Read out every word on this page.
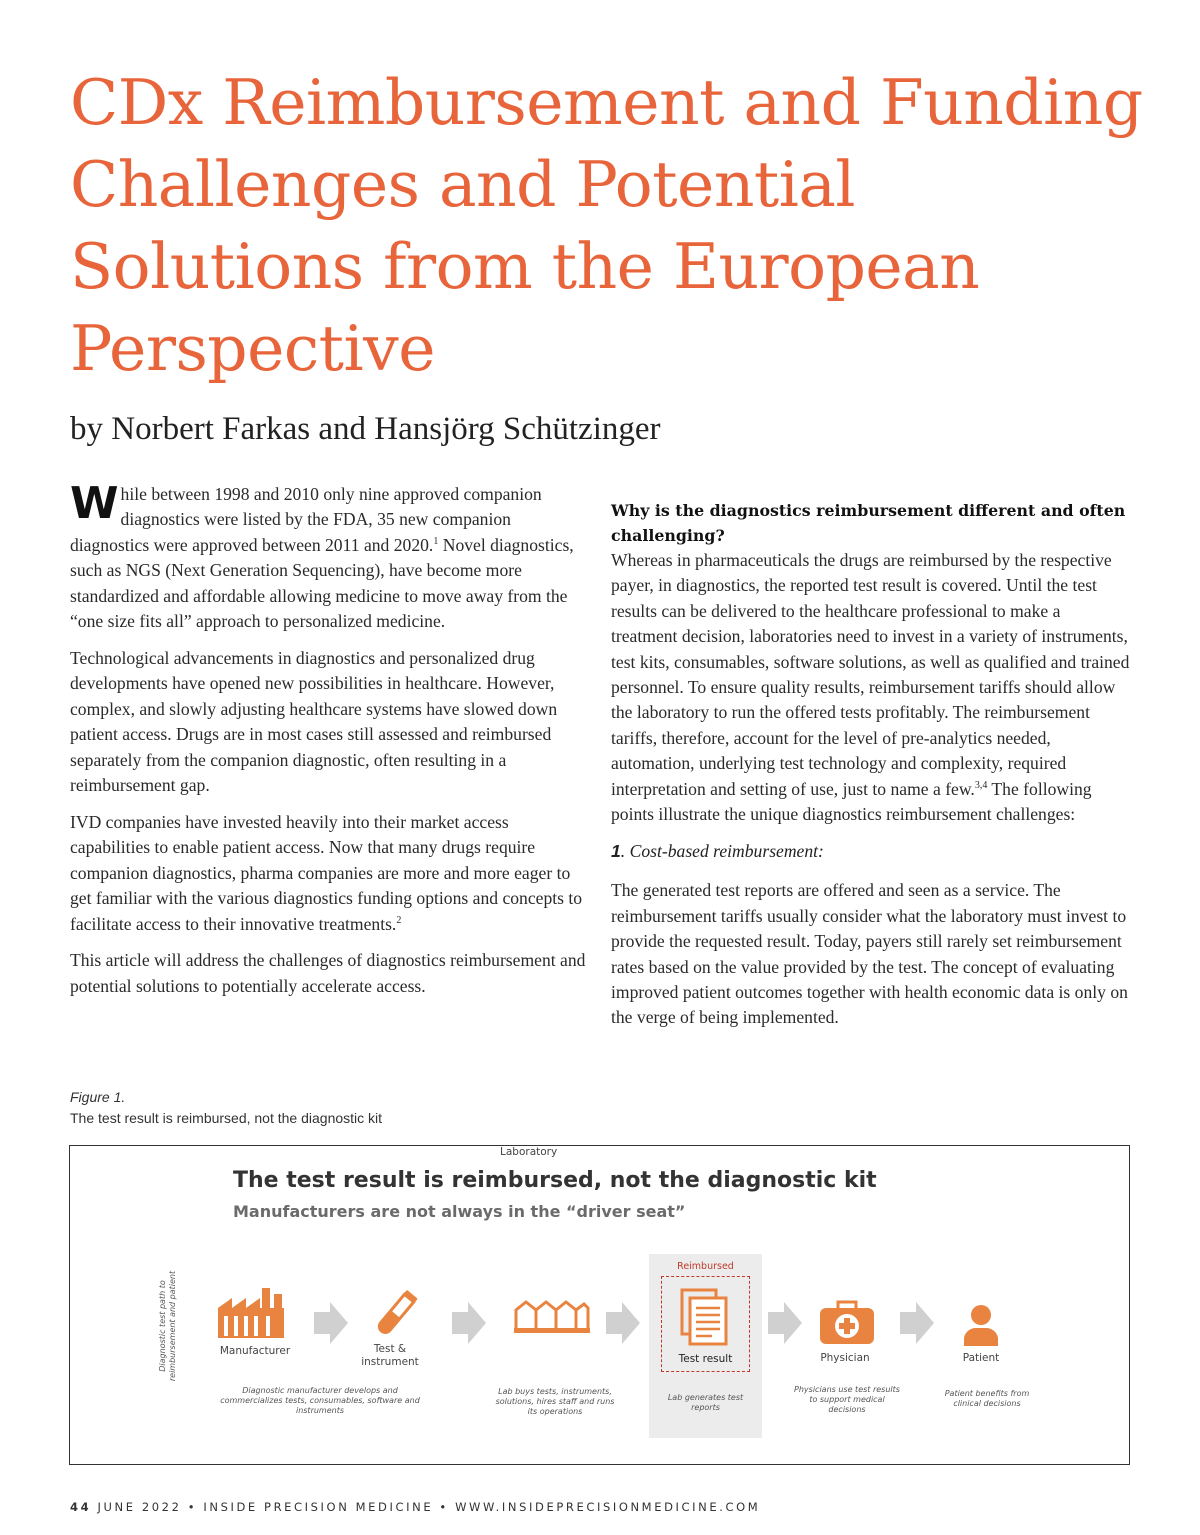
CDx Reimbursement and Funding Challenges and Potential Solutions from the European Perspective
by Norbert Farkas and Hansjörg Schützinger

While between 1998 and 2010 only nine approved companion diagnostics were listed by the FDA, 35 new companion diagnostics were approved between 2011 and 2020.$^1$ Novel diagnostics, such as NGS (Next Generation Sequencing), have become more standardized and affordable allowing medicine to move away from the “one size fits all” approach to personalized medicine.

Technological advancements in diagnostics and personalized drug developments have opened new possibilities in healthcare. However, complex, and slowly adjusting healthcare systems have slowed down patient access. Drugs are in most cases still assessed and reimbursed separately from the companion diagnostic, often resulting in a reimbursement gap.

IVD companies have invested heavily into their market access capabilities to enable patient access. Now that many drugs require companion diagnostics, pharma companies are more and more eager to get familiar with the various diagnostics funding options and concepts to facilitate access to their innovative treatments.$^2$

This article will address the challenges of diagnostics reimbursement and potential solutions to potentially accelerate access.

Why is the diagnostics reimbursement different and often challenging?

Whereas in pharmaceuticals the drugs are reimbursed by the respective payer, in diagnostics, the reported test result is covered. Until the test results can be delivered to the healthcare professional to make a treatment decision, laboratories need to invest in a variety of instruments, test kits, consumables, software solutions, as well as qualified and trained personnel. To ensure quality results, reimbursement tariffs should allow the laboratory to run the offered tests profitably. The reimbursement tariffs, therefore, account for the level of pre-analytics needed, automation, underlying test technology and complexity, required interpretation and setting of use, just to name a few.$^{3,4}$ The following points illustrate the unique diagnostics reimbursement challenges:

1. Cost-based reimbursement:

The generated test reports are offered and seen as a service. The reimbursement tariffs usually consider what the laboratory must invest to provide the requested result. Today, payers still rarely set reimbursement rates based on the value provided by the test. The concept of evaluating improved patient outcomes together with health economic data is only on the verge of being implemented.

Figure 1.
The test result is reimbursed, not the diagnostic kit
The test result is reimbursed, not the diagnostic kit
Manufacturers are not always in the “driver seat”
Diagnostic test path to reimbursement and patient
Reimbursed
Manufacturer
Diagnostic manufacturer develops and commercializes tests, consumables, software and instruments
Test & instrument
Laboratory
Lab buys tests, instruments, solutions, hires staff and runs its operations
Test result
Lab generates test reports
Physician
Physicians use test results to support medical decisions
Patient
Patient benefits from clinical decisions
44 JUNE 2022 • INSIDE PRECISION MEDICINE • WWW.INSIDEPRECISIONMEDICINE.COM
